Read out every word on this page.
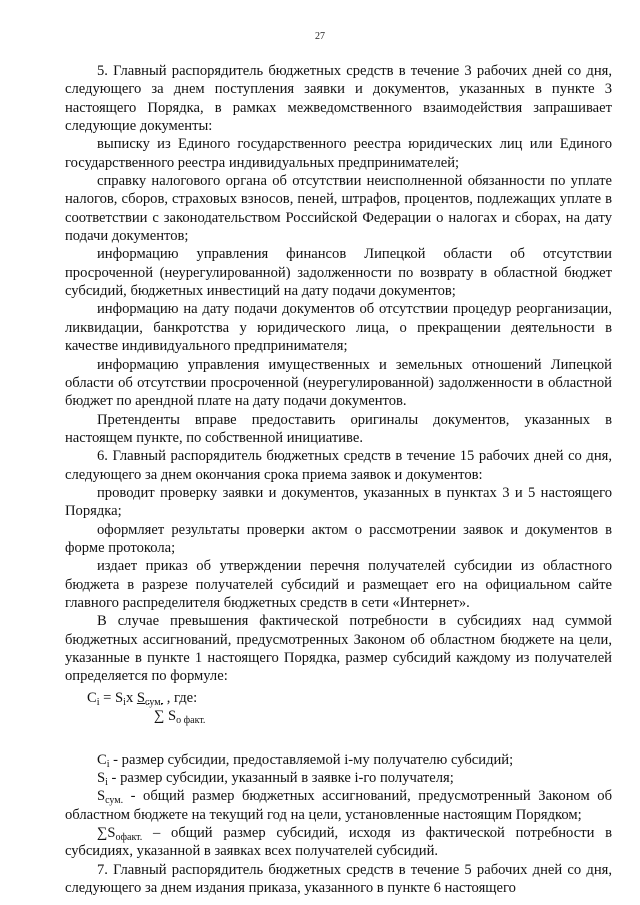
27

5. Главный распорядитель бюджетных средств в течение 3 рабочих дней со дня, следующего за днем поступления заявки и документов, указанных в пункте 3 настоящего Порядка, в рамках межведомственного взаимодействия запрашивает следующие документы:

выписку из Единого государственного реестра юридических лиц или Единого государственного реестра индивидуальных предпринимателей;

справку налогового органа об отсутствии неисполненной обязанности по уплате налогов, сборов, страховых взносов, пеней, штрафов, процентов, подлежащих уплате в соответствии с законодательством Российской Федерации о налогах и сборах, на дату подачи документов;

информацию управления финансов Липецкой области об отсутствии просроченной (неурегулированной) задолженности по возврату в областной бюджет субсидий, бюджетных инвестиций на дату подачи документов;

информацию на дату подачи документов об отсутствии процедур реорганизации, ликвидации, банкротства у юридического лица, о прекращении деятельности в качестве индивидуального предпринимателя;

информацию управления имущественных и земельных отношений Липецкой области об отсутствии просроченной (неурегулированной) задолженности в областной бюджет по арендной плате на дату подачи документов.

Претенденты вправе предоставить оригиналы документов, указанных в настоящем пункте, по собственной инициативе.

6. Главный распорядитель бюджетных средств в течение 15 рабочих дней со дня, следующего за днем окончания срока приема заявок и документов:

проводит проверку заявки и документов, указанных в пунктах 3 и 5 настоящего Порядка;

оформляет результаты проверки актом о рассмотрении заявок и документов в форме протокола;

издает приказ об утверждении перечня получателей субсидии из областного бюджета в разрезе получателей субсидий и размещает его на официальном сайте главного распределителя бюджетных средств в сети «Интернет».

В случае превышения фактической потребности в субсидиях над суммой бюджетных ассигнований, предусмотренных Законом об областном бюджете на цели, указанные в пункте 1 настоящего Порядка, размер субсидий каждому из получателей определяется по формуле:

$C_i = S_ix$ $S_{сум.}$ , где:
∑ $S_{о факт.}$

$C_i$ - размер субсидии, предоставляемой i-му получателю субсидий;

$S_i$ - размер субсидии, указанный в заявке i-го получателя;

$S_{сум.}$ - общий размер бюджетных ассигнований, предусмотренный Законом об областном бюджете на текущий год на цели, установленные настоящим Порядком;

$\sum S_{oфакт.}$ – общий размер субсидий, исходя из фактической потребности в субсидиях, указанной в заявках всех получателей субсидий.

7. Главный распорядитель бюджетных средств в течение 5 рабочих дней со дня, следующего за днем издания приказа, указанного в пункте 6 настоящего
